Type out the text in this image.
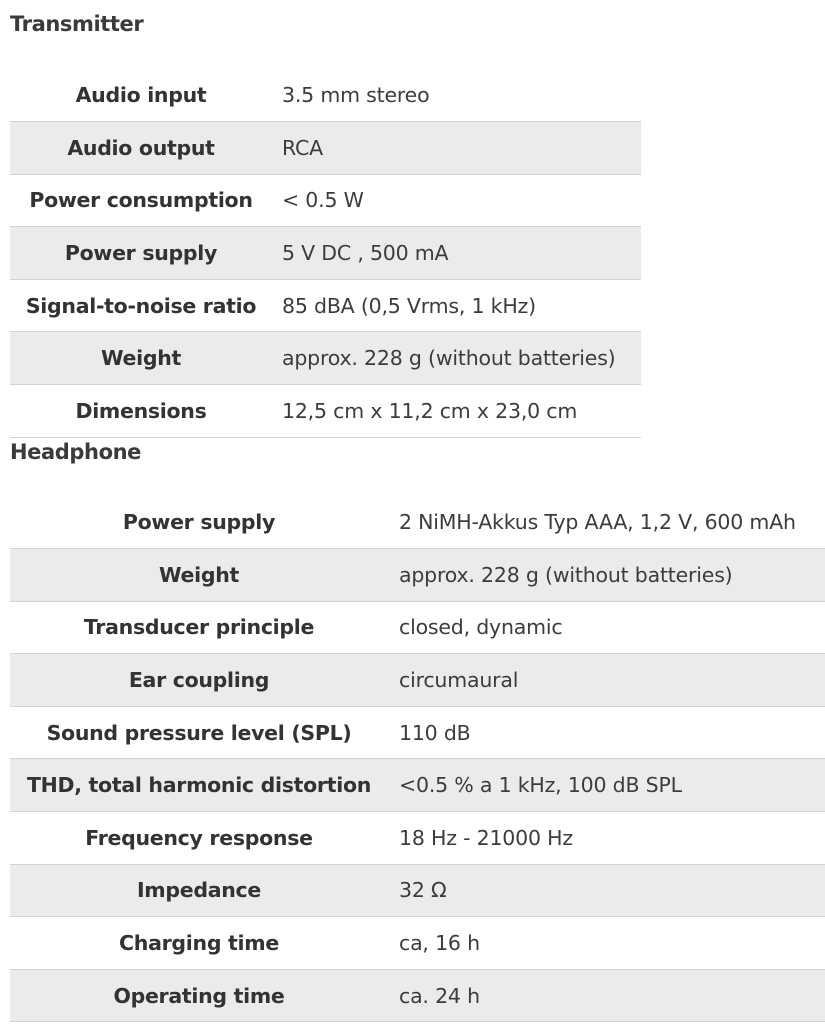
Transmitter
Audio input	3.5 mm stereo
Audio output	RCA
Power consumption	< 0.5 W
Power supply	5 V DC , 500 mA
Signal-to-noise ratio	85 dBA (0,5 Vrms, 1 kHz)
Weight	approx. 228 g (without batteries)
Dimensions	12,5 cm x 11,2 cm x 23,0 cm
Headphone
Power supply	2 NiMH-Akkus Typ AAA, 1,2 V, 600 mAh
Weight	approx. 228 g (without batteries)
Transducer principle	closed, dynamic
Ear coupling	circumaural
Sound pressure level (SPL)	110 dB
THD, total harmonic distortion	<0.5 % a 1 kHz, 100 dB SPL
Frequency response	18 Hz - 21000 Hz
Impedance	32 Ω
Charging time	ca, 16 h
Operating time	ca. 24 h
